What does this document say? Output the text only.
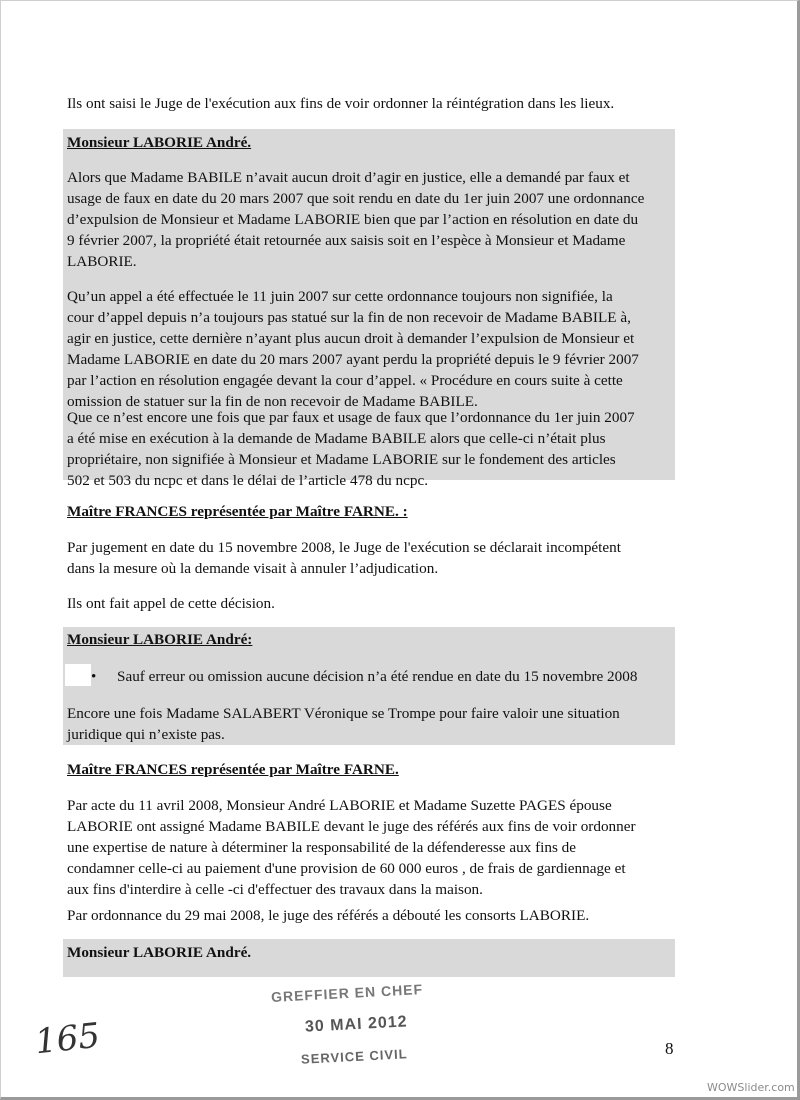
Ils ont saisi le Juge de l'exécution aux fins de voir ordonner la réintégration dans les lieux.
Monsieur LABORIE André.
Alors que Madame BABILE n’avait aucun droit d’agir en justice, elle a demandé par faux et
usage de faux en date du 20 mars 2007 que soit rendu en date du 1er juin 2007 une ordonnance
d’expulsion de Monsieur et Madame LABORIE bien que par l’action en résolution en date du
9 février 2007, la propriété était retournée aux saisis soit en l’espèce à Monsieur et Madame
LABORIE.
Qu’un appel a été effectuée le 11 juin 2007 sur cette ordonnance toujours non signifiée, la
cour d’appel depuis n’a toujours pas statué sur la fin de non recevoir de Madame BABILE à,
agir en justice, cette dernière n’ayant plus aucun droit à demander l’expulsion de Monsieur et
Madame LABORIE en date du 20 mars 2007 ayant perdu la propriété depuis le 9 février 2007
par l’action en résolution engagée devant la cour d’appel. « Procédure en cours suite à cette
omission de statuer sur la fin de non recevoir de Madame BABILE.
Que ce n’est encore une fois que par faux et usage de faux que l’ordonnance du 1er juin 2007
a été mise en exécution à la demande de Madame BABILE alors que celle-ci n’était plus
propriétaire, non signifiée à Monsieur et Madame LABORIE sur le fondement des articles
502 et 503 du ncpc et dans le délai de l’article 478 du ncpc.
Maître FRANCES représentée par Maître FARNE. :
Par jugement en date du 15 novembre 2008, le Juge de l'exécution se déclarait incompétent
dans la mesure où la demande visait à annuler l’adjudication.
Ils ont fait appel de cette décision.
Monsieur LABORIE André:
• Sauf erreur ou omission aucune décision n’a été rendue en date du 15 novembre 2008
Encore une fois Madame SALABERT Véronique se Trompe pour faire valoir une situation
juridique qui n’existe pas.
Maître FRANCES représentée par Maître FARNE.
Par acte du 11 avril 2008, Monsieur André LABORIE et Madame Suzette PAGES épouse
LABORIE ont assigné Madame BABILE devant le juge des référés aux fins de voir ordonner
une expertise de nature à déterminer la responsabilité de la défenderesse aux fins de
condamner celle-ci au paiement d'une provision de 60 000 euros , de frais de gardiennage et
aux fins d'interdire à celle -ci d'effectuer des travaux dans la maison.
Par ordonnance du 29 mai 2008, le juge des référés a débouté les consorts LABORIE.
Monsieur LABORIE André.
GREFFIER EN CHEF
30 MAI 2012
SERVICE CIVIL
165	8
WOWSlider.com
